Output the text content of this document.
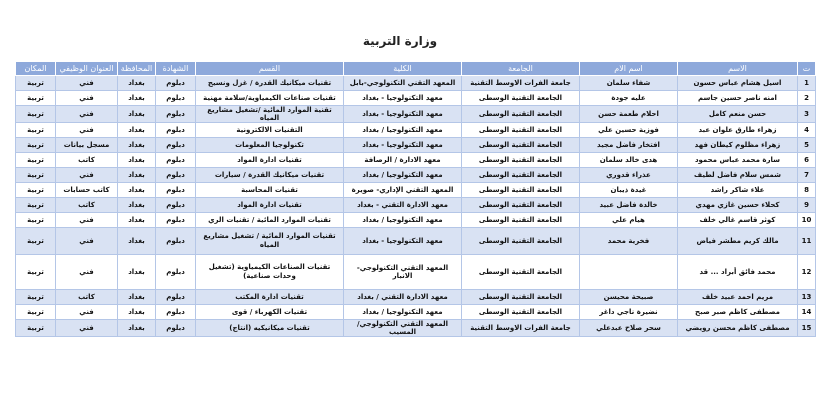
وزارة التربية
ت	الاسم	اسم الام	الجامعة	الكلية	القسم	الشهادة	المحافظة	العنوان الوظيفي	المكان
1	اسيل هشام عباس حسون	شفاء سلمان	جامعة الفرات الاوسط التقنية	المعهد التقني التكنولوجي-بابل	تقنيات ميكانيك القدرة / غزل ونسيج	دبلوم	بغداد	فني	تربية
2	امنه ناصر حسين جاسم	عليه جودة	الجامعة التقنية الوسطى	معهد التكنولوجيا - بغداد	تقنيات صناعات الكيمياوية/سلامة مهنية	دبلوم	بغداد	فني	تربية
3	حسن منعم كامل	احلام طعمة حسن	الجامعة التقنية الوسطى	معهد التكنولوجيا - بغداد	تقنية الموارد المائية /تشغيل مشاريع المياه	دبلوم	بغداد	فني	تربية
4	زهراء طارق علوان عبد	فوزية حسين علي	الجامعة التقنية الوسطى	معهد التكنولوجيا / بغداد	التقنيات الالكترونية	دبلوم	بغداد	فني	تربية
5	زهراء مظلوم كيطان فهد	افتخار فاضل مجيد	الجامعة التقنية الوسطى	معهد التكنولوجيا - بغداد	تكنولوجيا المعلومات	دبلوم	بغداد	مسجل بيانات	تربية
6	سارة محمد عباس محمود	هدى خالد سلمان	الجامعة التقنية الوسطى	معهد الادارة / الرصافة	تقنيات ادارة المواد	دبلوم	بغداد	كاتب	تربية
7	شمس سلام فاضل لطيف	عذراء قدوري	الجامعة التقنية الوسطى	معهد التكنولوجيا / بغداد	تقنيات ميكانيك القدرة / سيارات	دبلوم	بغداد	فني	تربية
8	علاء شاكر راشد	غيدة ذيبان	الجامعة التقنية الوسطى	المعهد التقني الإداري- صويرة	تقنيات المحاسبة	دبلوم	بغداد	كاتب حسابات	تربية
9	كحلاء حسين غازي مهدي	خالدة فاضل عبيد	الجامعة التقنية الوسطى	معهد الادارة التقني - بغداد	تقنيات ادارة المواد	دبلوم	بغداد	كاتب	تربية
10	كوثر قاسم غالي خلف	هيام علي	الجامعة التقنية الوسطى	معهد التكنولوجيا / بغداد	تقنيات الموارد المائية / تقنيات الري	دبلوم	بغداد	فني	تربية
11	مالك كريم مطشر فياض	فخرية محمد	الجامعة التقنية الوسطى	معهد التكنولوجيا - بغداد	تقنيات الموارد المائية / تشغيل مشاريع المياه	دبلوم	بغداد	فني	تربية
12	محمد فائق أبراد ... قد		الجامعة التقنية الوسطى	المعهد التقني التكنولوجي- الانبار	تقنيات الصناعات الكيمياوية (تشغيل وحدات صناعية)	دبلوم	بغداد	فني	تربية
13	مريم احمد عبيد خلف	صبيحة محيسن	الجامعة التقنية الوسطى	معهد الادارة التقني / بغداد	تقنيات ادارة المكتب	دبلوم	بغداد	كاتب	تربية
14	مصطفى كاظم صبر صبح	نضيرة ناجي داغر	الجامعة التقنية الوسطى	معهد التكنولوجيا / بغداد	تقنيات الكهرباء / قوى	دبلوم	بغداد	فني	تربية
15	مصطفى كاظم محسن رويضي	سحر صلاح عبدعلي	جامعة الفرات الاوسط التقنية	المعهد التقني التكنولوجي/المسيب	تقنيات ميكانيكيه (انتاج)	دبلوم	بغداد	فني	تربية
